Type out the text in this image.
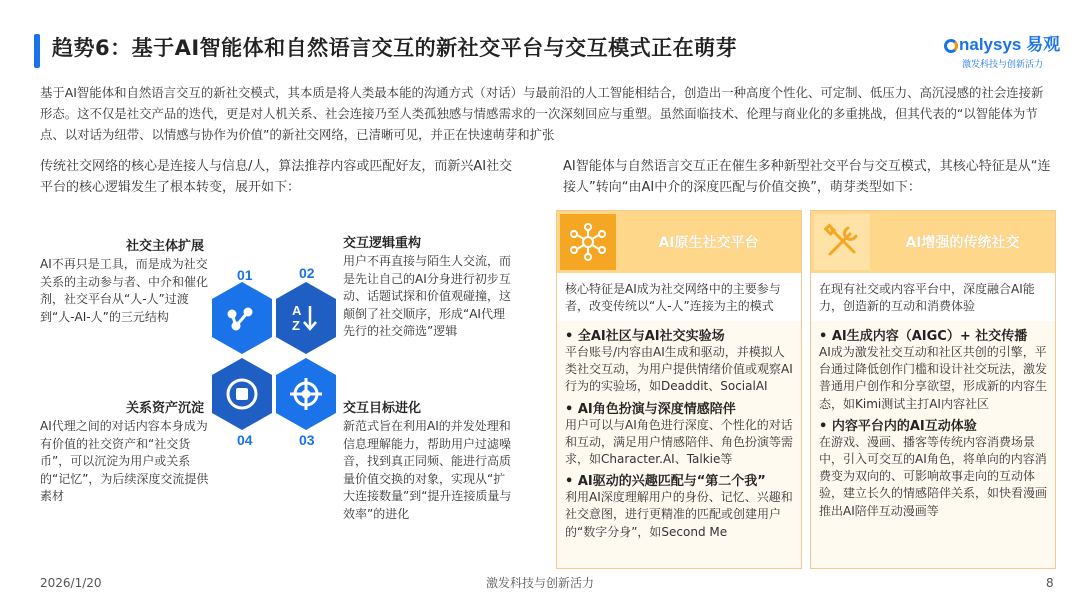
趋势6：基于AI智能体和自然语言交互的新社交平台与交互模式正在萌芽	nalysys 易观
激发科技与创新活力
基于AI智能体和自然语言交互的新社交模式，其本质是将人类最本能的沟通方式（对话）与最前沿的人工智能相结合，创造出一种高度个性化、可定制、低压力、高沉浸感的社会连接新形态。这不仅是社交产品的迭代，更是对人机关系、社会连接乃至人类孤独感与情感需求的一次深刻回应与重塑。虽然面临技术、伦理与商业化的多重挑战，但其代表的“以智能体为节点、以对话为纽带、以情感与协作为价值”的新社交网络，已清晰可见，并正在快速萌芽和扩张
传统社交网络的核心是连接人与信息/人，算法推荐内容或匹配好友，而新兴AI社交平台的核心逻辑发生了根本转变，展开如下：
社交主体扩展
AI不再只是工具，而是成为社交关系的主动参与者、中介和催化剂，社交平台从“人-人”过渡到“人-AI-人”的三元结构
交互逻辑重构
用户不再直接与陌生人交流，而是先让自己的AI分身进行初步互动、话题试探和价值观碰撞，这颠倒了社交顺序，形成“AI代理先行的社交筛选”逻辑
关系资产沉淀
AI代理之间的对话内容本身成为有价值的社交资产和“社交货币”，可以沉淀为用户或关系的“记忆”，为后续深度交流提供素材
交互目标进化
新范式旨在利用AI的并发处理和信息理解能力，帮助用户过滤噪音，找到真正同频、能进行高质量价值交换的对象，实现从“扩大连接数量”到“提升连接质量与效率”的进化
01	02
04	03
A
Z
AI智能体与自然语言交互正在催生多种新型社交平台与交互模式，其核心特征是从“连接人”转向“由AI中介的深度匹配与价值交换”，萌芽类型如下：
AI原生社交平台
核心特征是AI成为社交网络中的主要参与者，改变传统以“人-人”连接为主的模式
• 全AI社区与AI社交实验场
平台账号/内容由AI生成和驱动，并模拟人类社交互动，为用户提供情绪价值或观察AI行为的实验场，如Deaddit、SocialAI
• AI角色扮演与深度情感陪伴
用户可以与AI角色进行深度、个性化的对话和互动，满足用户情感陪伴、角色扮演等需求，如Character.AI、Talkie等
• AI驱动的兴趣匹配与“第二个我”
利用AI深度理解用户的身份、记忆、兴趣和社交意图，进行更精准的匹配或创建用户的“数字分身”，如Second Me
AI增强的传统社交
在现有社交或内容平台中，深度融合AI能力，创造新的互动和消费体验
• AI生成内容（AIGC）+ 社交传播
AI成为激发社交互动和社区共创的引擎，平台通过降低创作门槛和设计社交玩法，激发普通用户创作和分享欲望，形成新的内容生态，如Kimi测试主打AI内容社区
• 内容平台内的AI互动体验
在游戏、漫画、播客等传统内容消费场景中，引入可交互的AI角色，将单向的内容消费变为双向的、可影响故事走向的互动体验，建立长久的情感陪伴关系，如快看漫画推出AI陪伴互动漫画等
2026/1/20	激发科技与创新活力	8
